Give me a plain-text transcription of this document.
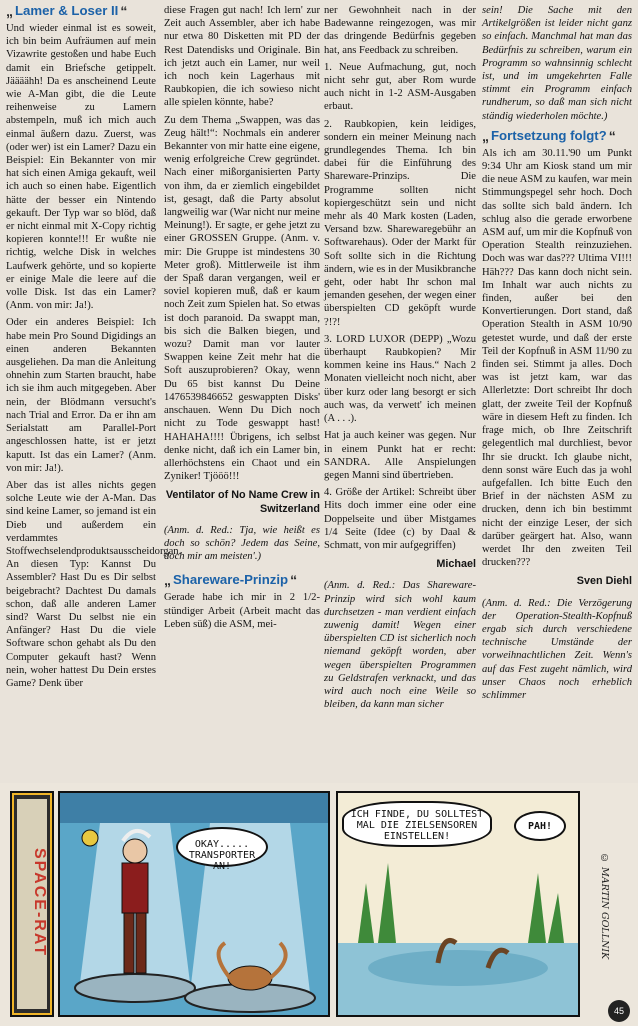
„ Lamer & Loser II “

Und wieder einmal ist es soweit, ich bin beim Aufräumen auf mein Vizawrite gestoßen und habe Euch damit ein Briefsche getippelt. Jäääähh! Da es anscheinend Leute wie A-Man gibt, die die Leute reihenweise zu Lamern abstempeln, muß ich mich auch einmal äußern dazu. Zuerst, was (oder wer) ist ein Lamer? Dazu ein Beispiel: Ein Bekannter von mir hat sich einen Amiga gekauft, weil ich auch so einen habe. Eigentlich hätte der besser ein Nintendo gekauft. Der Typ war so blöd, daß er nicht einmal mit X-Copy richtig kopieren konnte!!! Er wußte nie richtig, welche Disk in welches Laufwerk gehörte, und so kopierte er einige Male die leere auf die volle Disk. Ist das ein Lamer? (Anm. von mir: Ja!).

Oder ein anderes Beispiel: Ich habe mein Pro Sound Digidings an einen anderen Bekannten ausgeliehen. Da man die Anleitung ohnehin zum Starten braucht, habe ich sie ihm auch mitgegeben. Aber nein, der Blödmann versucht's nach Trial and Error. Da er ihn am Serialstatt am Parallel-Port angeschlossen hatte, ist er jetzt kaputt. Ist das ein Lamer? (Anm. von mir: Ja!).

Aber das ist alles nichts gegen solche Leute wie der A-Man. Das sind keine Lamer, so jemand ist ein Dieb und außerdem ein verdammtes Stoffwechselendproduktsausscheidorgan. An diesen Typ: Kannst Du Assembler? Hast Du es Dir selbst beigebracht? Dachtest Du damals schon, daß alle anderen Lamer sind? Warst Du selbst nie ein Anfänger? Hast Du die viele Software schon gehabt als Du den Computer gekauft hast? Wenn nein, woher hattest Du Dein erstes Game? Denk über

diese Fragen gut nach! Ich lern' zur Zeit auch Assembler, aber ich habe nur etwa 80 Disketten mit PD der Rest Datendisks und Originale. Bin ich jetzt auch ein Lamer, nur weil ich noch kein Lagerhaus mit Raubkopien, die ich sowieso nicht alle spielen könnte, habe?

Zu dem Thema „Swappen, was das Zeug hält!“: Nochmals ein anderer Bekannter von mir hatte eine eigene, wenig erfolgreiche Crew gegründet. Nach einer mißorganisierten Party von ihm, da er ziemlich eingebildet ist, gesagt, daß die Party absolut langweilig war (War nicht nur meine Meinung!). Er sagte, er gehe jetzt zu einer GROSSEN Gruppe. (Anm. v. mir: Die Gruppe ist mindestens 30 Meter groß). Mittlerweile ist ihm der Spaß daran vergangen, weil er soviel kopieren muß, daß er kaum noch Zeit zum Spielen hat. So etwas ist doch paranoid. Da swappt man, bis sich die Balken biegen, und wozu? Damit man vor lauter Swappen keine Zeit mehr hat die Soft auszuprobieren? Okay, wenn Du 65 bist kannst Du Deine 1476539846652 geswappten Disks' anschauen. Wenn Du Dich noch nicht zu Tode geswappt hast! HAHAHA!!!! Übrigens, ich selbst denke nicht, daß ich ein Lamer bin, allerhöchstens ein Chaot und ein Zyniker! Tjööö!!!

Ventilator of No Name Crew in Switzerland

(Anm. d. Red.: Tja, wie heißt es doch so schön? Jedem das Seine, doch mir am meisten'.)

„ Shareware-Prinzip “

Gerade habe ich mir in 2 1/2-stündiger Arbeit (Arbeit macht das Leben süß) die ASM, mei-

ner Gewohnheit nach in der Badewanne reingezogen, was mir das dringende Bedürfnis gegeben hat, ans Feedback zu schreiben.

1. Neue Aufmachung, gut, noch nicht sehr gut, aber Rom wurde auch nicht in 1-2 ASM-Ausgaben erbaut.

2. Raubkopien, kein leidiges, sondern ein meiner Meinung nach grundlegendes Thema. Ich bin dabei für die Einführung des Shareware-Prinzips. Die Programme sollten nicht kopiergeschützt sein und nicht mehr als 40 Mark kosten (Laden, Versand bzw. Sharewaregebühr an Softwarehaus). Oder der Markt für Soft sollte sich in die Richtung ändern, wie es in der Musikbranche geht, oder habt Ihr schon mal jemanden gesehen, der wegen einer überspielten CD geköpft wurde ?!?!

3. LORD LUXOR (DEPP) „Wozu überhaupt Raubkopien? Mir kommen keine ins Haus.“ Nach 2 Monaten vielleicht noch nicht, aber über kurz oder lang besorgt er sich auch was, da verwett' ich meinen (A . . .).

Hat ja auch keiner was gegen. Nur in einem Punkt hat er recht: SANDRA. Alle Anspielungen gegen Manni sind übertrieben.

4. Größe der Artikel: Schreibt über Hits doch immer eine oder eine Doppelseite und über Mistgames 1/4 Seite (Idee (c) by Daal & Schmatt, von mir aufgegriffen)

Michael

(Anm. d. Red.: Das Shareware-Prinzip wird sich wohl kaum durchsetzen - man verdient einfach zuwenig damit! Wegen einer überspielten CD ist sicherlich noch niemand geköpft worden, aber wegen überspielten Programmen zu Geldstrafen verknackt, und das wird auch noch eine Weile so bleiben, da kann man sicher

sein! Die Sache mit den Artikelgrößen ist leider nicht ganz so einfach. Manchmal hat man das Bedürfnis zu schreiben, warum ein Programm so wahnsinnig schlecht ist, und im umgekehrten Falle stimmt ein Programm einfach rundherum, so daß man sich nicht ständig wiederholen möchte.)

„ Fortsetzung folgt? “

Als ich am 30.11.'90 um Punkt 9:34 Uhr am Kiosk stand um mir die neue ASM zu kaufen, war mein Stimmungspegel sehr hoch. Doch das sollte sich bald ändern. Ich schlug also die gerade erworbene ASM auf, um mir die Kopfnuß von Operation Stealth reinzuziehen. Doch was war das??? Ultima VI!!! Häh??? Das kann doch nicht sein. Im Inhalt war auch nichts zu finden, außer bei den Konvertierungen. Dort stand, daß Operation Stealth in ASM 10/90 getestet wurde, und daß der erste Teil der Kopfnuß in ASM 11/90 zu finden sei. Stimmt ja alles. Doch was ist jetzt kam, war das Allerletzte: Dort schreibt Ihr doch glatt, der zweite Teil der Kopfnuß wäre in diesem Heft zu finden. Ich frage mich, ob Ihre Zeitschrift gelegentlich mal durchliest, bevor Ihr sie druckt. Ich glaube nicht, denn sonst wäre Euch das ja wohl aufgefallen. Ich bitte Euch den Brief in der nächsten ASM zu drucken, denn ich bin bestimmt nicht der einzige Leser, der sich darüber geärgert hat. Also, wann werdet Ihr den zweiten Teil drucken???

Sven Diehl

(Anm. d. Red.: Die Verzögerung der Operation-Stealth-Kopfnuß ergab sich durch verschiedene technische Umstände der vorweihnachtlichen Zeit. Wenn's auf das Fest zugeht nämlich, wird unser Chaos noch erheblich schlimmer

SPACE-RAT
OKAY..... TRANSPORTER AN!
ICH FINDE, DU SOLLTEST MAL DIE ZIELSENSOREN EINSTELLEN!
PAH!
© MARTIN GOLLNIK
45
